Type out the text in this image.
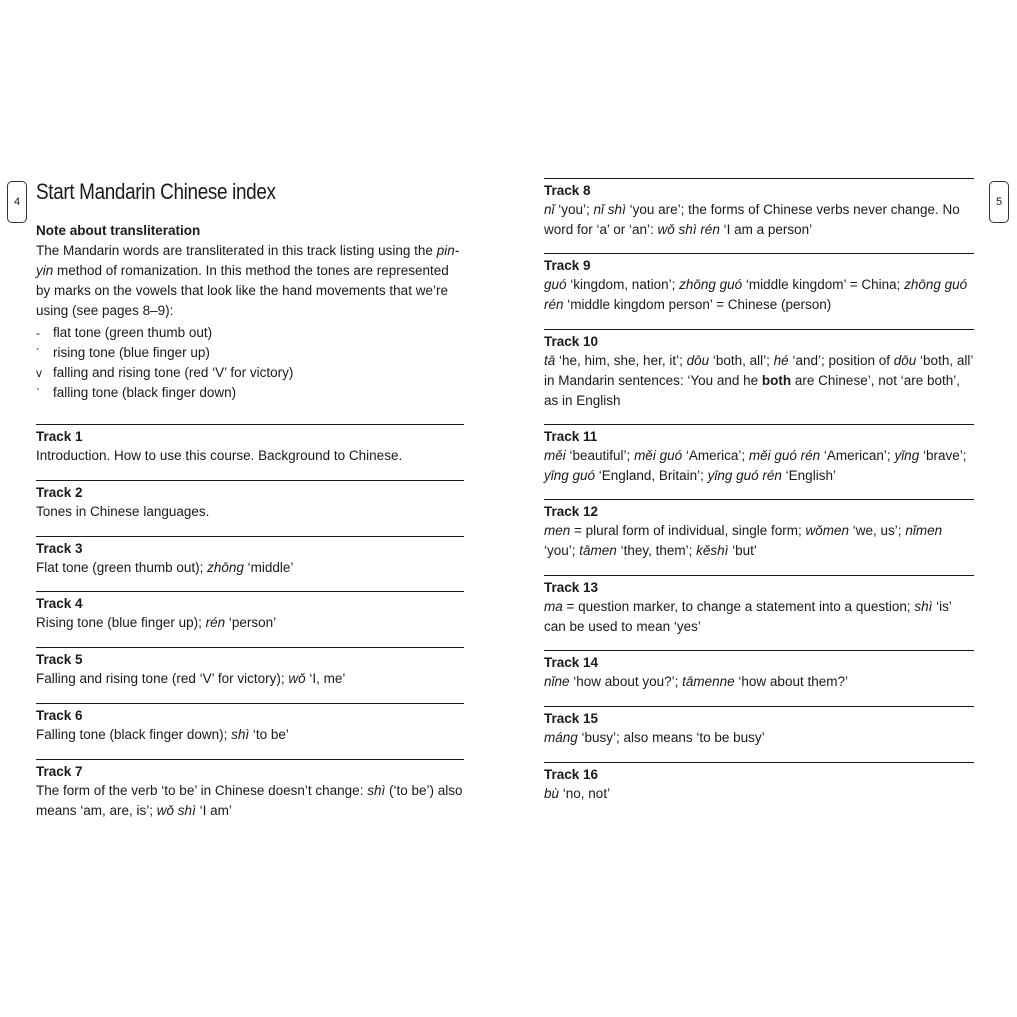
4	5
Start Mandarin Chinese index

Note about transliteration

The Mandarin words are transliterated in this track listing using the pin-yin method of romanization. In this method the tones are represented by marks on the vowels that look like the hand movements that we’re using (see pages 8–9):

- flat tone (green thumb out)
´ rising tone (blue finger up)
v falling and rising tone (red ‘V’ for victory)
` falling tone (black finger down)

Track 1

Introduction. How to use this course. Background to Chinese.

Track 2

Tones in Chinese languages.

Track 3

Flat tone (green thumb out); zhōng ‘middle’

Track 4

Rising tone (blue finger up); rén ‘person’

Track 5

Falling and rising tone (red ‘V’ for victory); wǒ ‘I, me’

Track 6

Falling tone (black finger down); shì ‘to be’

Track 7

The form of the verb ‘to be’ in Chinese doesn’t change: shì (‘to be’) also means ‘am, are, is’; wǒ shì ‘I am’

Track 8

nǐ ‘you’; nǐ shì ‘you are’; the forms of Chinese verbs never change. No word for ‘a’ or ‘an’: wǒ shì rén ‘I am a person’

Track 9

guó ‘kingdom, nation’; zhōng guó ‘middle kingdom’ = China; zhōng guó rén ‘middle kingdom person’ = Chinese (person)

Track 10

tā ‘he, him, she, her, it’; dōu ‘both, all’; hé ‘and’; position of dōu ‘both, all’ in Mandarin sentences: ‘You and he both are Chinese’, not ‘are both’, as in English

Track 11

měi ‘beautiful’; měi guó ‘America’; měi guó rén ‘American’; yīng ‘brave’; yīng guó ‘England, Britain’; yīng guó rén ‘English’

Track 12

men = plural form of individual, single form; wǒmen ‘we, us’; nǐmen ‘you’; tāmen ‘they, them’; kěshì ‘but’

Track 13

ma = question marker, to change a statement into a question; shì ‘is’ can be used to mean ‘yes’

Track 14

nǐne ‘how about you?’; tāmenne ‘how about them?’

Track 15

máng ‘busy’; also means ‘to be busy’

Track 16

bù ‘no, not’
